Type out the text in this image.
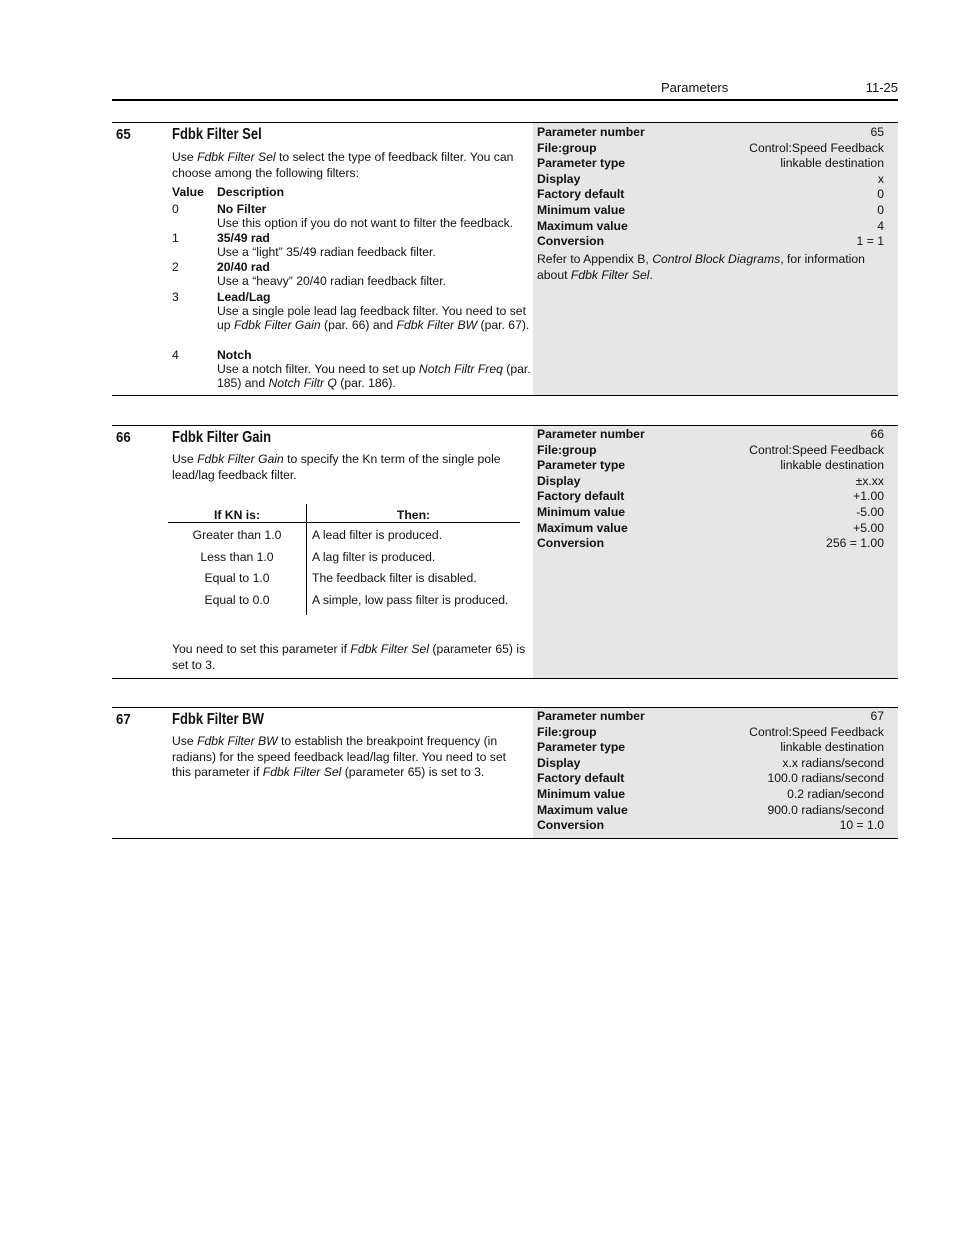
Parameters	11-25
65	Fdbk Filter Sel
Use Fdbk Filter Sel to select the type of feedback filter. You can choose among the following filters:
Value Description
0	No Filter
Use this option if you do not want to filter the feedback.
1	35/49 rad
Use a “light” 35/49 radian feedback filter.
2	20/40 rad
Use a “heavy” 20/40 radian feedback filter.
3	Lead/Lag
Use a single pole lead lag feedback filter. You need to set up Fdbk Filter Gain (par. 66) and Fdbk Filter BW (par. 67).
4	Notch
Use a notch filter. You need to set up Notch Filtr Freq (par. 185) and Notch Filtr Q (par. 186).
Parameter number	65
File:group	Control:Speed Feedback
Parameter type	linkable destination
Display	x
Factory default	0
Minimum value	0
Maximum value	4
Conversion	1 = 1
Refer to Appendix B, Control Block Diagrams, for information about Fdbk Filter Sel.
66	Fdbk Filter Gain
Use Fdbk Filter Gain to specify the Kn term of the single pole lead/lag feedback filter.
If KN is:	Then:
Greater than 1.0	A lead filter is produced.
Less than 1.0	A lag filter is produced.
Equal to 1.0	The feedback filter is disabled.
Equal to 0.0	A simple, low pass filter is produced.
You need to set this parameter if Fdbk Filter Sel (parameter 65) is set to 3.
Parameter number	66
File:group	Control:Speed Feedback
Parameter type	linkable destination
Display	±x.xx
Factory default	+1.00
Minimum value	-5.00
Maximum value	+5.00
Conversion	256 = 1.00
67	Fdbk Filter BW
Use Fdbk Filter BW to establish the breakpoint frequency (in radians) for the speed feedback lead/lag filter. You need to set this parameter if Fdbk Filter Sel (parameter 65) is set to 3.
Parameter number	67
File:group	Control:Speed Feedback
Parameter type	linkable destination
Display	x.x radians/second
Factory default	100.0 radians/second
Minimum value	0.2 radian/second
Maximum value	900.0 radians/second
Conversion	10 = 1.0
